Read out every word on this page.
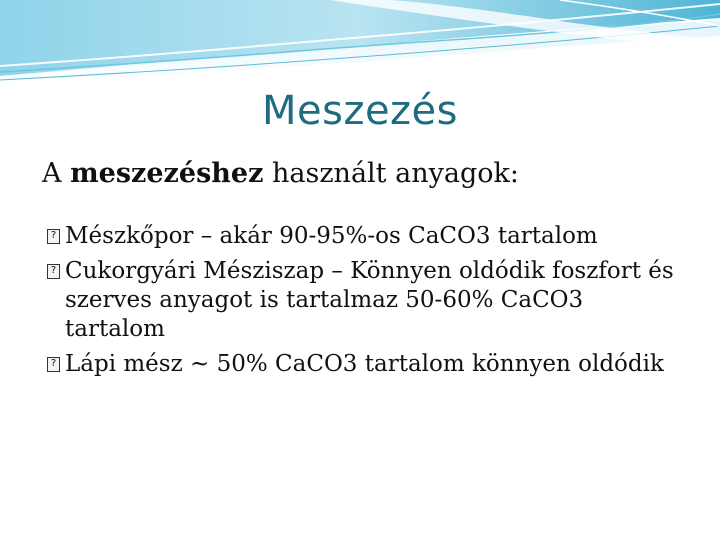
Meszezés
A meszezéshez használt anyagok:
? Mészkőpor – akár 90-95%-os CaCO3 tartalom
? Cukorgyári Mésziszap – Könnyen oldódik foszfort és szerves anyagot is tartalmaz 50-60% CaCO3 tartalom
? Lápi mész ~ 50% CaCO3 tartalom könnyen oldódik
